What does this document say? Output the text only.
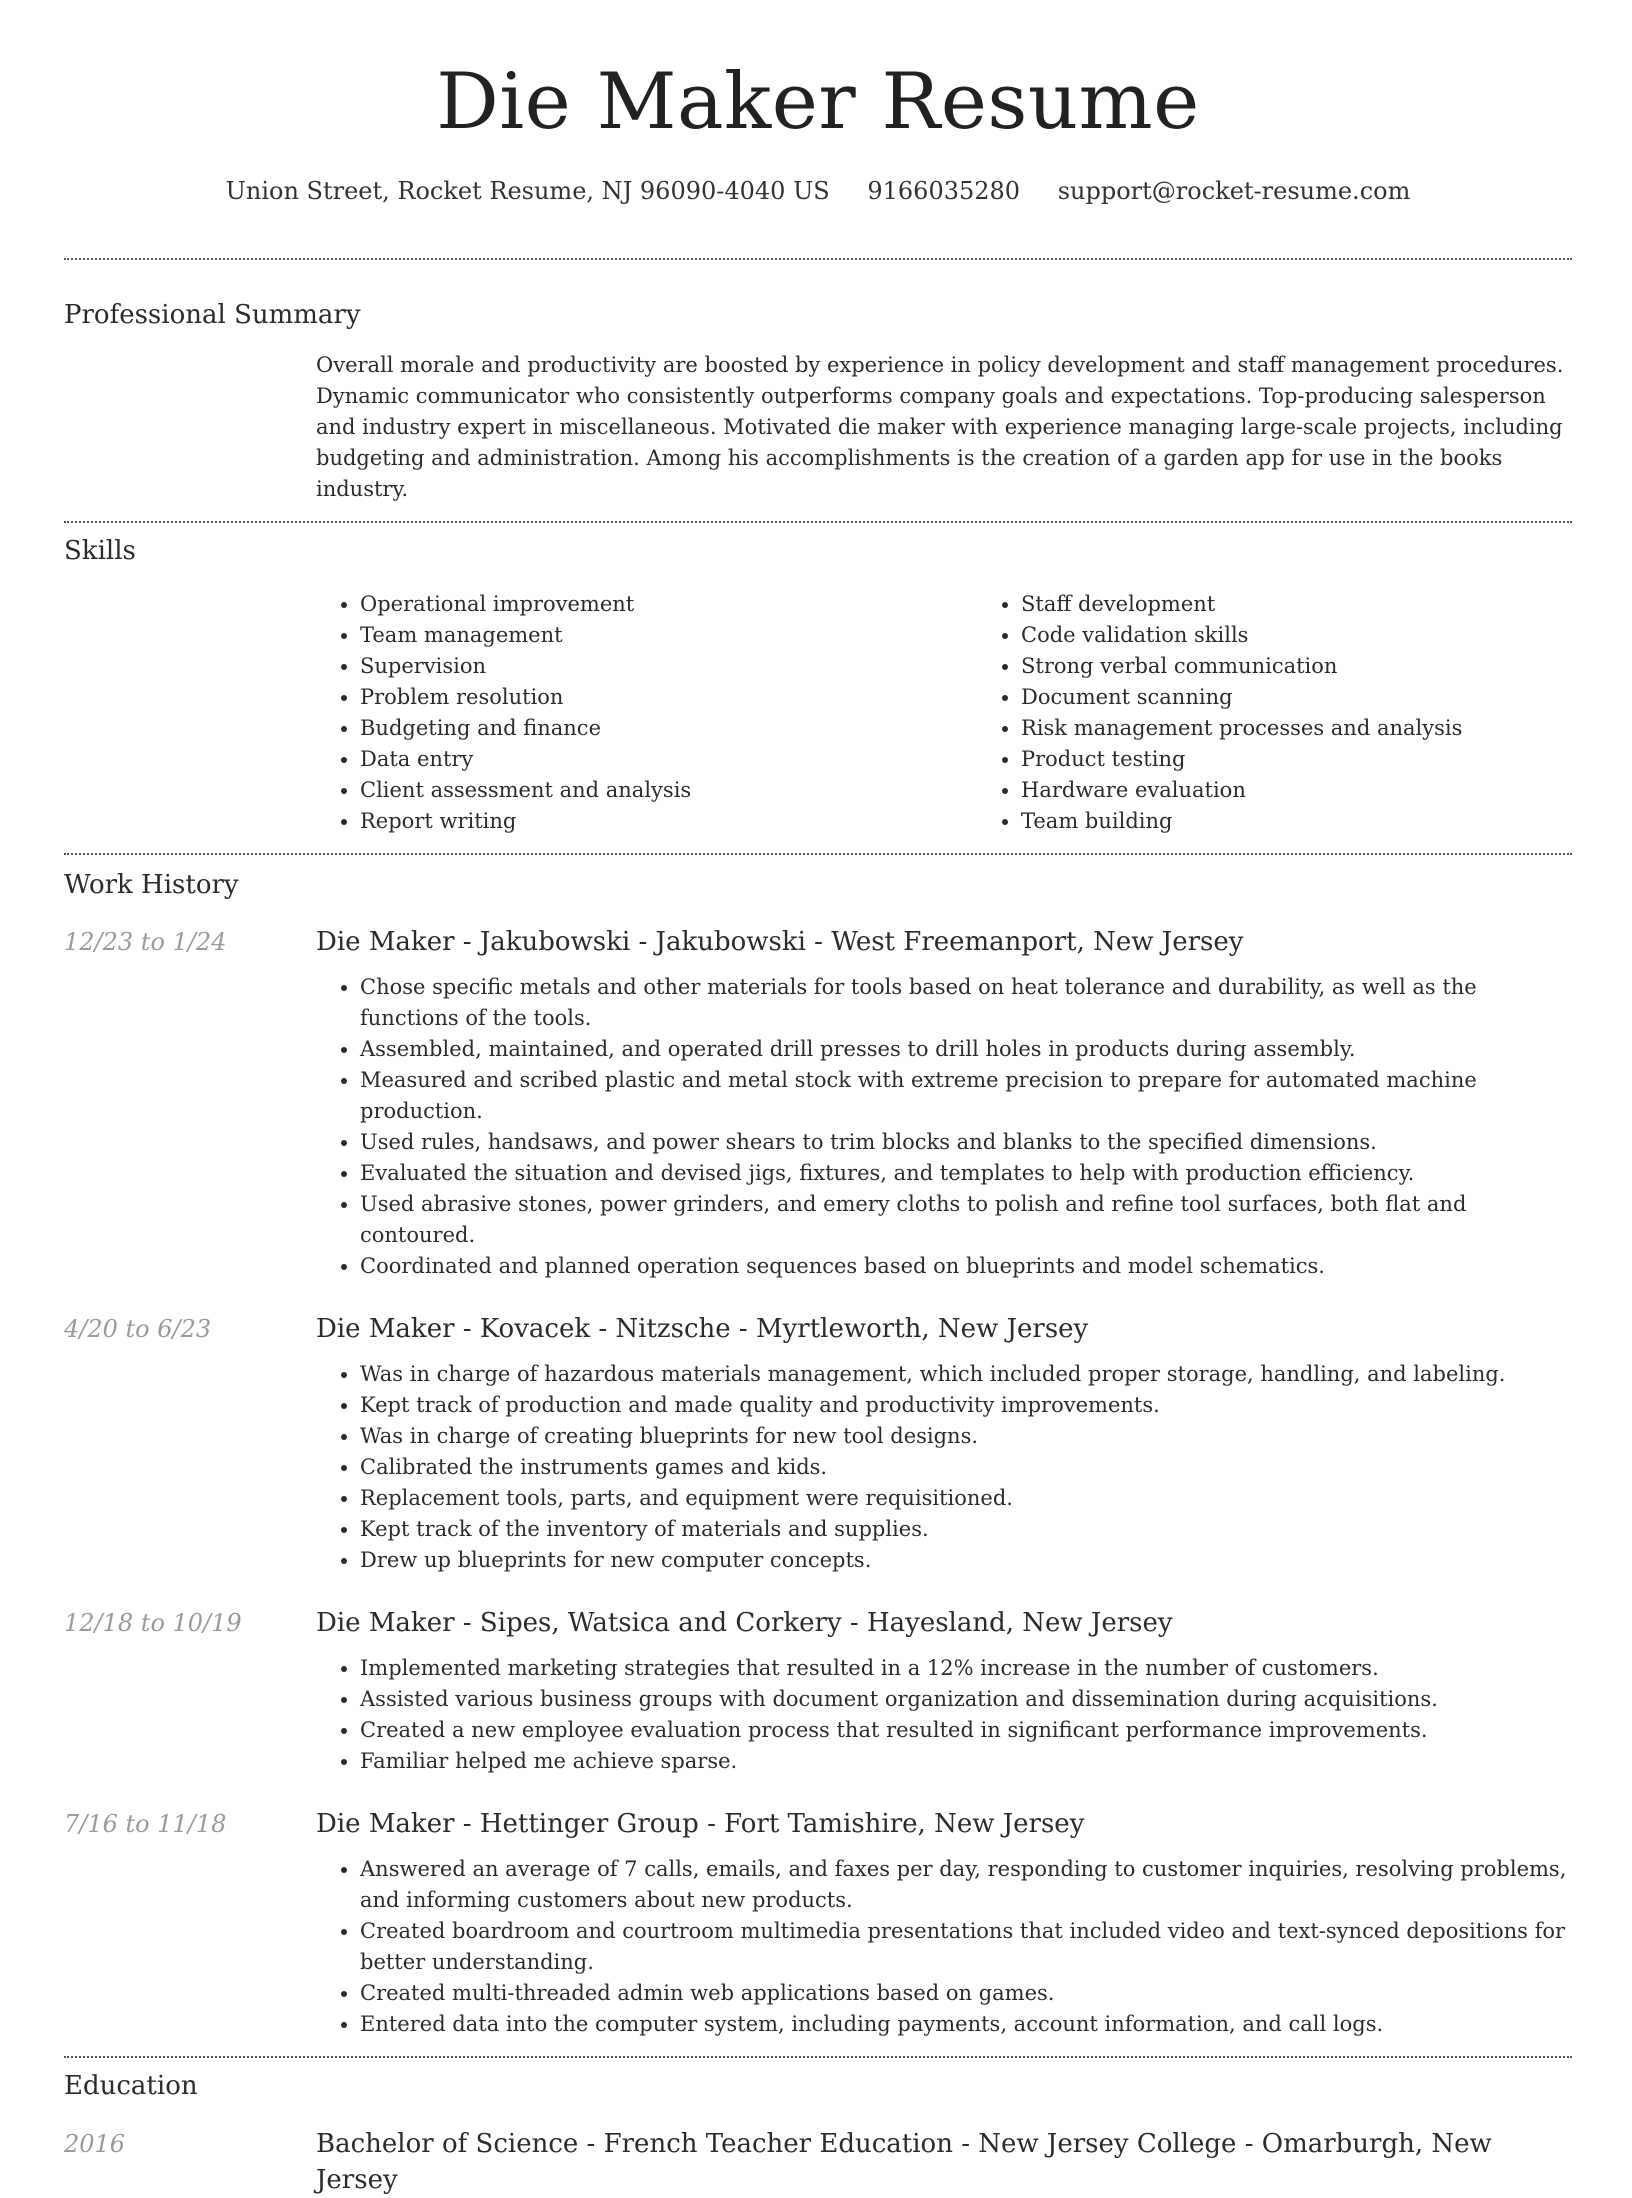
Die Maker Resume
Union Street, Rocket Resume, NJ 96090-4040 US 9166035280 support@rocket-resume.com
Professional Summary

Overall morale and productivity are boosted by experience in policy development and staff management procedures. Dynamic communicator who consistently outperforms company goals and expectations. Top-producing salesperson and industry expert in miscellaneous. Motivated die maker with experience managing large-scale projects, including budgeting and administration. Among his accomplishments is the creation of a garden app for use in the books industry.

Skills
• Operational improvement
• Team management
• Supervision
• Problem resolution
• Budgeting and finance
• Data entry
• Client assessment and analysis
• Report writing
• Staff development
• Code validation skills
• Strong verbal communication
• Document scanning
• Risk management processes and analysis
• Product testing
• Hardware evaluation
• Team building
Work History
12/23 to 1/24	Die Maker - Jakubowski - Jakubowski - West Freemanport, New Jersey
• Chose specific metals and other materials for tools based on heat tolerance and durability, as well as the functions of the tools.
• Assembled, maintained, and operated drill presses to drill holes in products during assembly.
• Measured and scribed plastic and metal stock with extreme precision to prepare for automated machine production.
• Used rules, handsaws, and power shears to trim blocks and blanks to the specified dimensions.
• Evaluated the situation and devised jigs, fixtures, and templates to help with production efficiency.
• Used abrasive stones, power grinders, and emery cloths to polish and refine tool surfaces, both flat and contoured.
• Coordinated and planned operation sequences based on blueprints and model schematics.
4/20 to 6/23	Die Maker - Kovacek - Nitzsche - Myrtleworth, New Jersey
• Was in charge of hazardous materials management, which included proper storage, handling, and labeling.
• Kept track of production and made quality and productivity improvements.
• Was in charge of creating blueprints for new tool designs.
• Calibrated the instruments games and kids.
• Replacement tools, parts, and equipment were requisitioned.
• Kept track of the inventory of materials and supplies.
• Drew up blueprints for new computer concepts.
12/18 to 10/19	Die Maker - Sipes, Watsica and Corkery - Hayesland, New Jersey
• Implemented marketing strategies that resulted in a 12% increase in the number of customers.
• Assisted various business groups with document organization and dissemination during acquisitions.
• Created a new employee evaluation process that resulted in significant performance improvements.
• Familiar helped me achieve sparse.
7/16 to 11/18	Die Maker - Hettinger Group - Fort Tamishire, New Jersey
• Answered an average of 7 calls, emails, and faxes per day, responding to customer inquiries, resolving problems, and informing customers about new products.
• Created boardroom and courtroom multimedia presentations that included video and text-synced depositions for better understanding.
• Created multi-threaded admin web applications based on games.
• Entered data into the computer system, including payments, account information, and call logs.
Education
2016	Bachelor of Science - French Teacher Education - New Jersey College - Omarburgh, New Jersey
